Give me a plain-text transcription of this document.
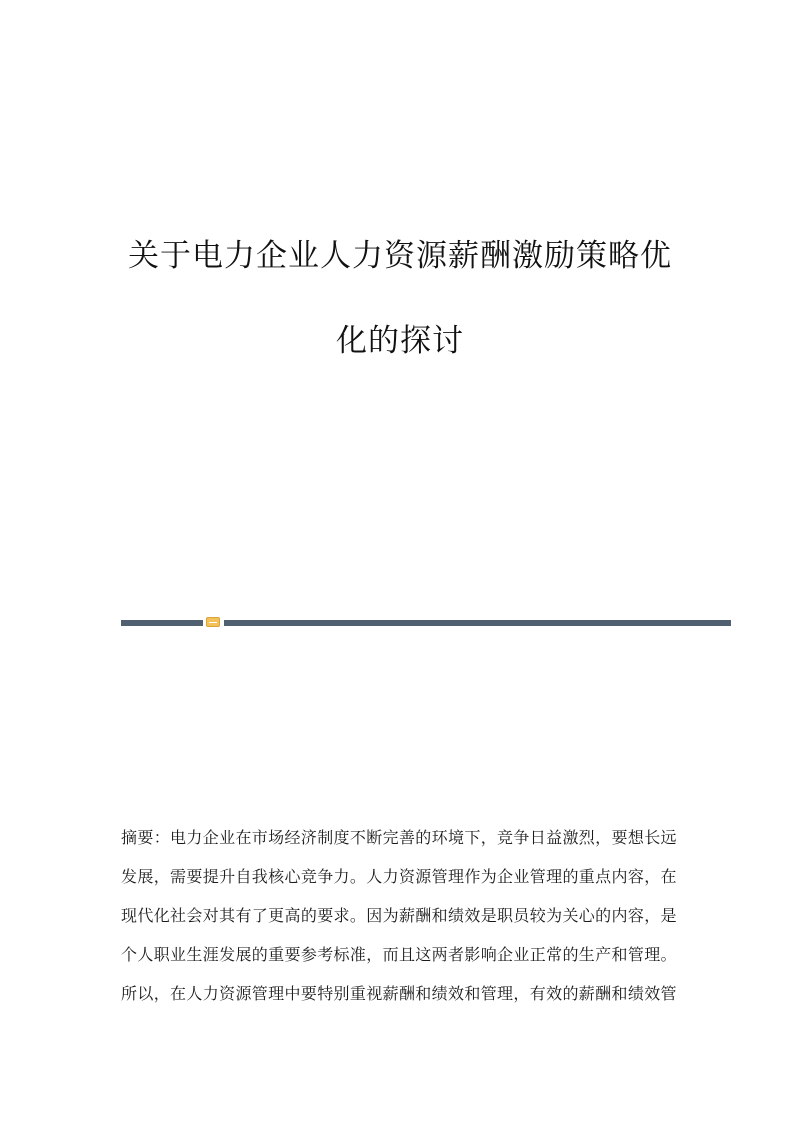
关于电力企业人力资源薪酬激励策略优
化的探讨
摘要：电力企业在市场经济制度不断完善的环境下，竞争日益激烈，要想长远
发展，需要提升自我核心竞争力。人力资源管理作为企业管理的重点内容，在
现代化社会对其有了更高的要求。因为薪酬和绩效是职员较为关心的内容，是
个人职业生涯发展的重要参考标准，而且这两者影响企业正常的生产和管理。
所以，在人力资源管理中要特别重视薪酬和绩效和管理，有效的薪酬和绩效管
